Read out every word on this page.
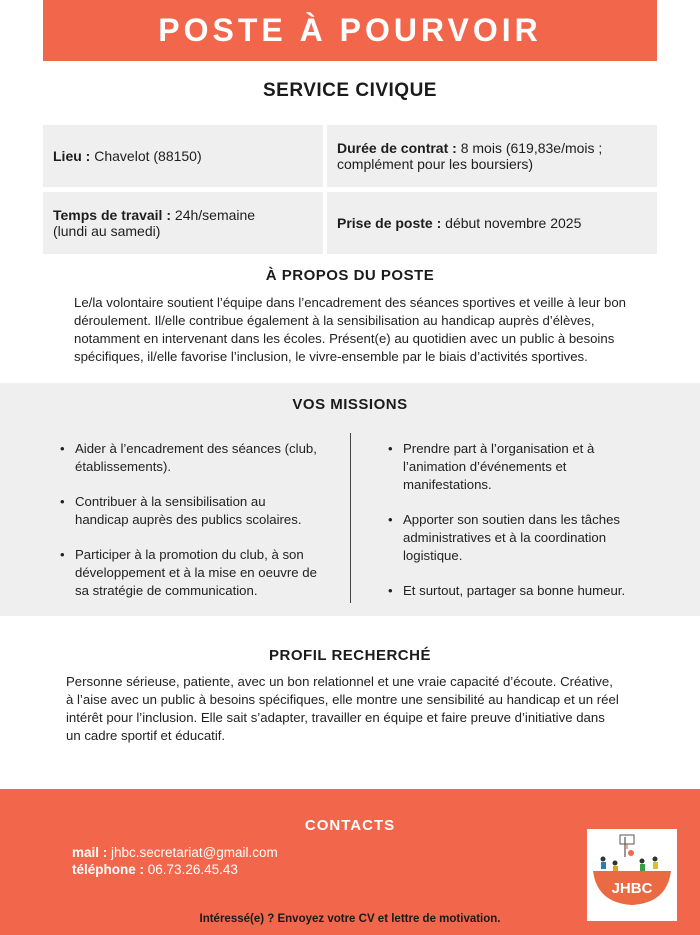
POSTE À POURVOIR
SERVICE CIVIQUE
Lieu : Chavelot (88150)	Durée de contrat : 8 mois (619,83e/mois ;
complément pour les boursiers)
Temps de travail : 24h/semaine
(lundi au samedi)	Prise de poste : début novembre 2025
À PROPOS DU POSTE
Le/la volontaire soutient l’équipe dans l’encadrement des séances sportives et veille à leur bon
déroulement. Il/elle contribue également à la sensibilisation au handicap auprès d’élèves,
notamment en intervenant dans les écoles. Présent(e) au quotidien avec un public à besoins
spécifiques, il/elle favorise l’inclusion, le vivre-ensemble par le biais d’activités sportives.
VOS MISSIONS
• Aider à l’encadrement des séances (club,
établissements).
• Contribuer à la sensibilisation au
handicap auprès des publics scolaires.
• Participer à la promotion du club, à son
développement et à la mise en oeuvre de
sa stratégie de communication.
• Prendre part à l’organisation et à
l’animation d’événements et
manifestations.
• Apporter son soutien dans les tâches
administratives et à la coordination
logistique.
• Et surtout, partager sa bonne humeur.
PROFIL RECHERCHÉ
Personne sérieuse, patiente, avec un bon relationnel et une vraie capacité d’écoute. Créative,
à l’aise avec un public à besoins spécifiques, elle montre une sensibilité au handicap et un réel
intérêt pour l’inclusion. Elle sait s’adapter, travailler en équipe et faire preuve d’initiative dans
un cadre sportif et éducatif.
CONTACTS
mail : jhbc.secretariat@gmail.com
téléphone : 06.73.26.45.43
JHBC
Intéressé(e) ? Envoyez votre CV et lettre de motivation.
